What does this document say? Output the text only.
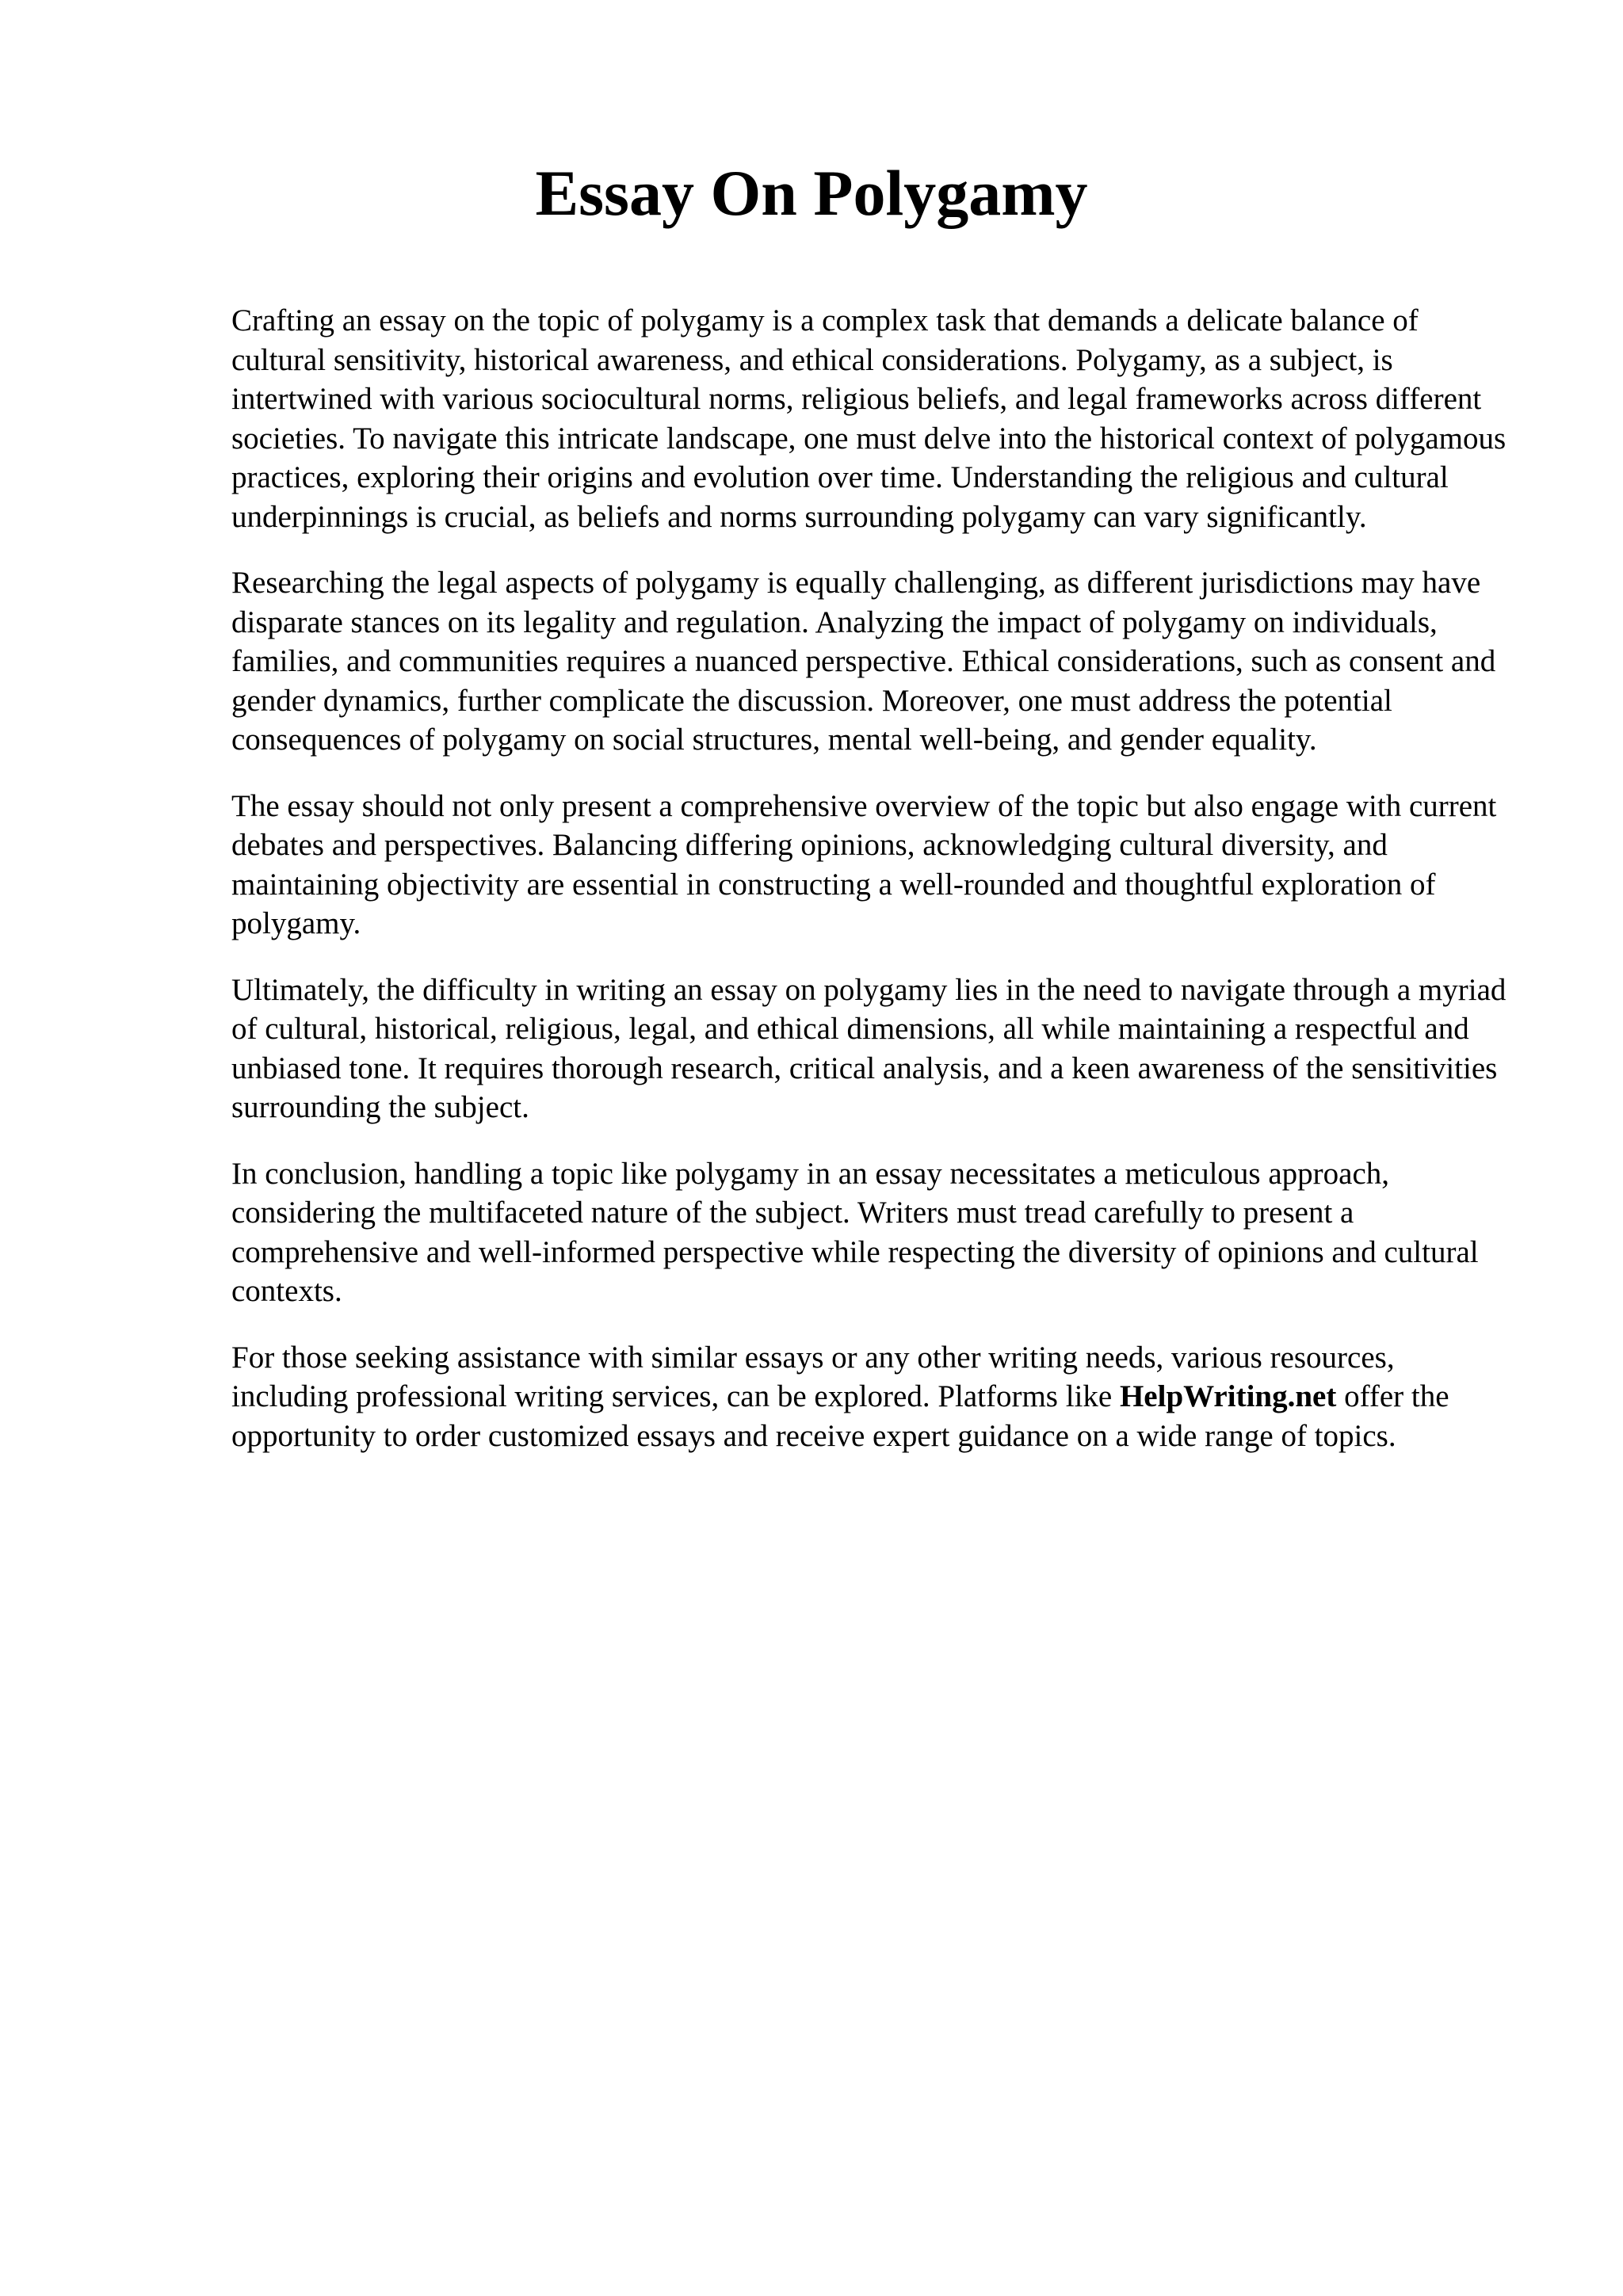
Essay On Polygamy

Crafting an essay on the topic of polygamy is a complex task that demands a delicate balance of cultural sensitivity, historical awareness, and ethical considerations. Polygamy, as a subject, is intertwined with various sociocultural norms, religious beliefs, and legal frameworks across different societies. To navigate this intricate landscape, one must delve into the historical context of polygamous practices, exploring their origins and evolution over time. Understanding the religious and cultural underpinnings is crucial, as beliefs and norms surrounding polygamy can vary significantly.

Researching the legal aspects of polygamy is equally challenging, as different jurisdictions may have disparate stances on its legality and regulation. Analyzing the impact of polygamy on individuals, families, and communities requires a nuanced perspective. Ethical considerations, such as consent and gender dynamics, further complicate the discussion. Moreover, one must address the potential consequences of polygamy on social structures, mental well-being, and gender equality.

The essay should not only present a comprehensive overview of the topic but also engage with current debates and perspectives. Balancing differing opinions, acknowledging cultural diversity, and maintaining objectivity are essential in constructing a well-rounded and thoughtful exploration of polygamy.

Ultimately, the difficulty in writing an essay on polygamy lies in the need to navigate through a myriad of cultural, historical, religious, legal, and ethical dimensions, all while maintaining a respectful and unbiased tone. It requires thorough research, critical analysis, and a keen awareness of the sensitivities surrounding the subject.

In conclusion, handling a topic like polygamy in an essay necessitates a meticulous approach, considering the multifaceted nature of the subject. Writers must tread carefully to present a comprehensive and well-informed perspective while respecting the diversity of opinions and cultural contexts.

For those seeking assistance with similar essays or any other writing needs, various resources, including professional writing services, can be explored. Platforms like HelpWriting.net offer the opportunity to order customized essays and receive expert guidance on a wide range of topics.
